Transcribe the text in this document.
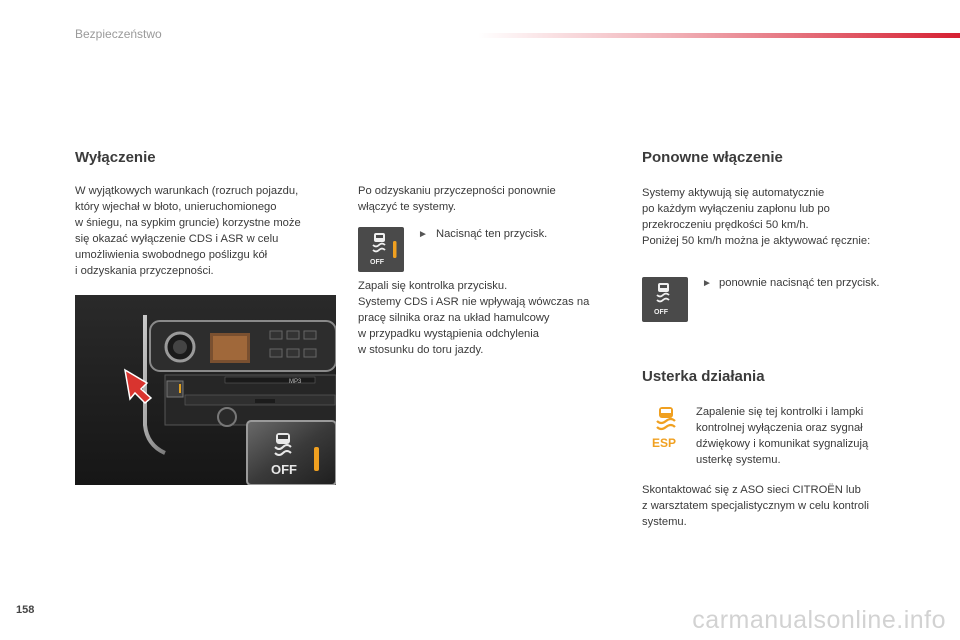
Bezpieczeństwo
Wyłączenie
W wyjątkowych warunkach (rozruch pojazdu,
który wjechał w błoto, unieruchomionego
w śniegu, na sypkim gruncie) korzystne może
się okazać wyłączenie CDS i ASR w celu
umożliwienia swobodnego poślizgu kół
i odzyskania przyczepności.
MP3
OFF
Po odzyskaniu przyczepności ponownie
włączyć te systemy.
OFF
► Nacisnąć ten przycisk.
Zapali się kontrolka przycisku.
Systemy CDS i ASR nie wpływają wówczas na
pracę silnika oraz na układ hamulcowy
w przypadku wystąpienia odchylenia
w stosunku do toru jazdy.
Ponowne włączenie
Systemy aktywują się automatycznie
po każdym wyłączeniu zapłonu lub po
przekroczeniu prędkości 50 km/h.
Poniżej 50 km/h można je aktywować ręcznie:
OFF
► ponownie nacisnąć ten przycisk.
Usterka działania
ESP
Zapalenie się tej kontrolki i lampki
kontrolnej wyłączenia oraz sygnał
dźwiękowy i komunikat sygnalizują
usterkę systemu.
Skontaktować się z ASO sieci CITROËN lub
z warsztatem specjalistycznym w celu kontroli
systemu.
158	carmanualsonline.info
